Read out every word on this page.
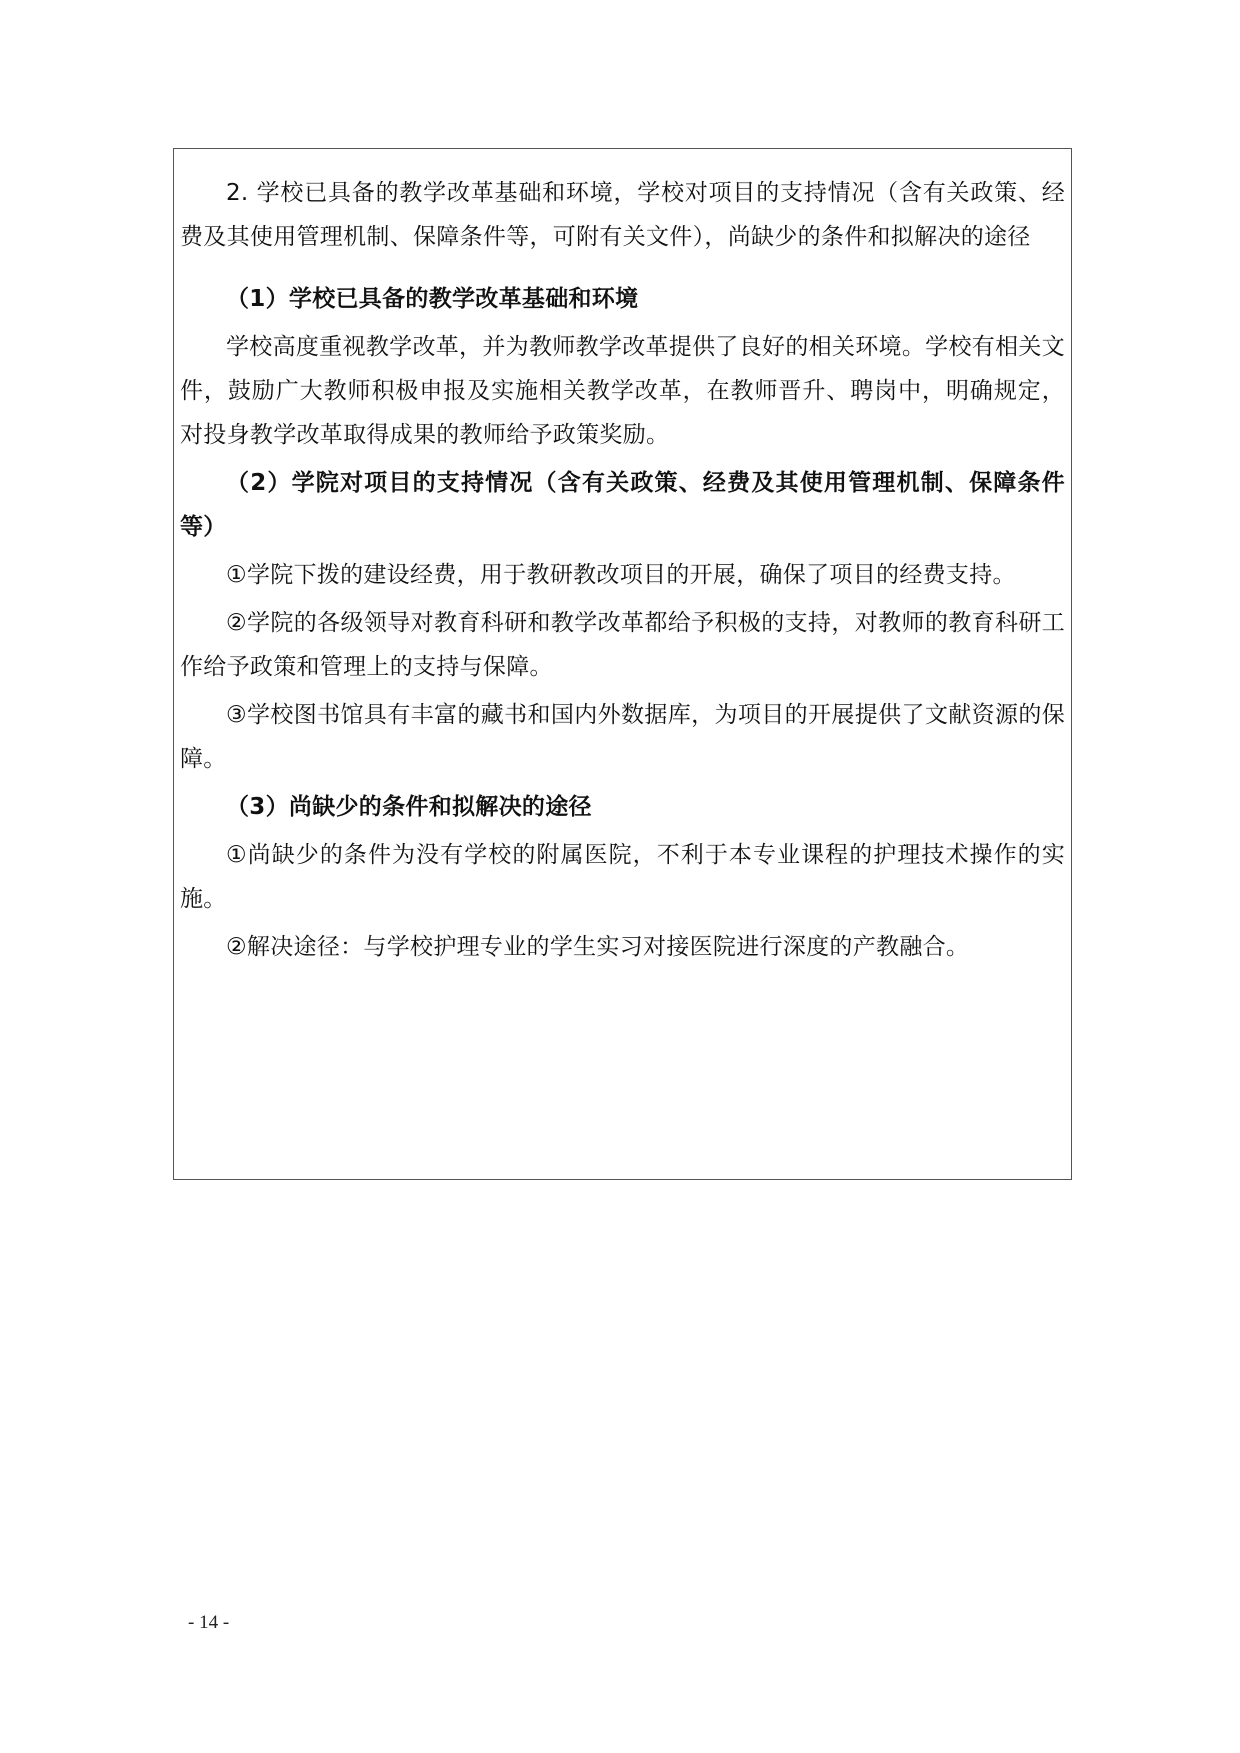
2. 学校已具备的教学改革基础和环境，学校对项目的支持情况（含有关政策、经费及其使用管理机制、保障条件等，可附有关文件），尚缺少的条件和拟解决的途径

（1）学校已具备的教学改革基础和环境

学校高度重视教学改革，并为教师教学改革提供了良好的相关环境。学校有相关文件，鼓励广大教师积极申报及实施相关教学改革，在教师晋升、聘岗中，明确规定，对投身教学改革取得成果的教师给予政策奖励。

（2）学院对项目的支持情况（含有关政策、经费及其使用管理机制、保障条件等）

①学院下拨的建设经费，用于教研教改项目的开展，确保了项目的经费支持。

②学院的各级领导对教育科研和教学改革都给予积极的支持，对教师的教育科研工作给予政策和管理上的支持与保障。

③学校图书馆具有丰富的藏书和国内外数据库，为项目的开展提供了文献资源的保障。

（3）尚缺少的条件和拟解决的途径

①尚缺少的条件为没有学校的附属医院，不利于本专业课程的护理技术操作的实施。

②解决途径：与学校护理专业的学生实习对接医院进行深度的产教融合。

- 14 -
